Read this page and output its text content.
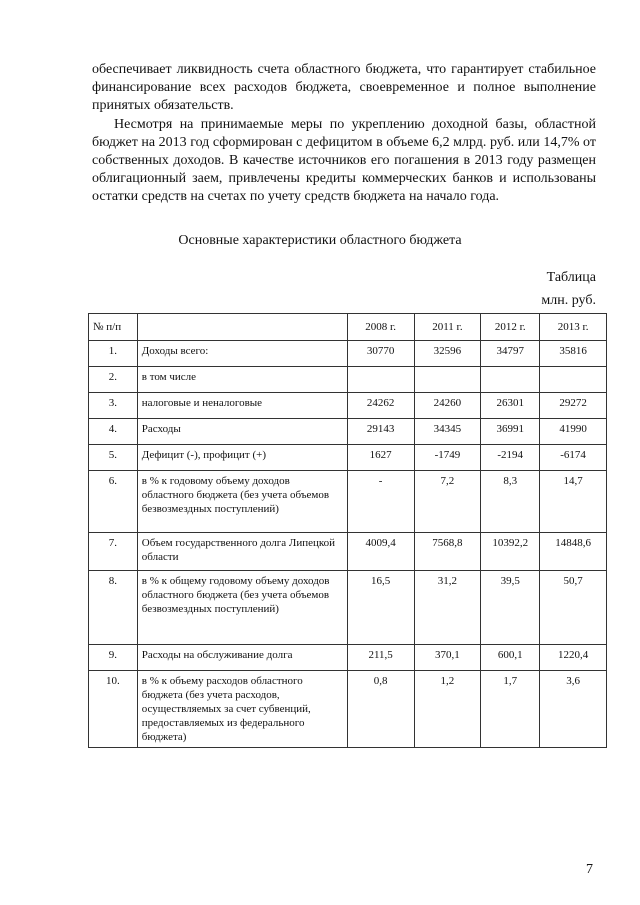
обеспечивает ликвидность счета областного бюджета, что гарантирует стабильное финансирование всех расходов бюджета, своевременное и полное выполнение принятых обязательств.

Несмотря на принимаемые меры по укреплению доходной базы, областной бюджет на 2013 год сформирован с дефицитом в объеме 6,2 млрд. руб. или 14,7% от собственных доходов. В качестве источников его погашения в 2013 году размещен облигационный заем, привлечены кредиты коммерческих банков и использованы остатки средств на счетах по учету средств бюджета на начало года.

Основные характеристики областного бюджета
Таблица
млн. руб.
№ п/п		2008 г.	2011 г.	2012 г.	2013 г.
1.	Доходы всего:	30770	32596	34797	35816
2.	в том числе				
3.	налоговые и неналоговые	24262	24260	26301	29272
4.	Расходы	29143	34345	36991	41990
5.	Дефицит (-), профицит (+)	1627	-1749	-2194	-6174
6.	в % к годовому объему доходов областного бюджета (без учета объемов безвозмездных поступлений)	-	7,2	8,3	14,7
7.	Объем государственного долга Липецкой области	4009,4	7568,8	10392,2	14848,6
8.	в % к общему годовому объему доходов областного бюджета (без учета объемов безвозмездных поступлений)	16,5	31,2	39,5	50,7
9.	Расходы на обслуживание долга	211,5	370,1	600,1	1220,4
10.	в % к объему расходов областного бюджета (без учета расходов, осуществляемых за счет субвенций, предоставляемых из федерального бюджета)	0,8	1,2	1,7	3,6
7
